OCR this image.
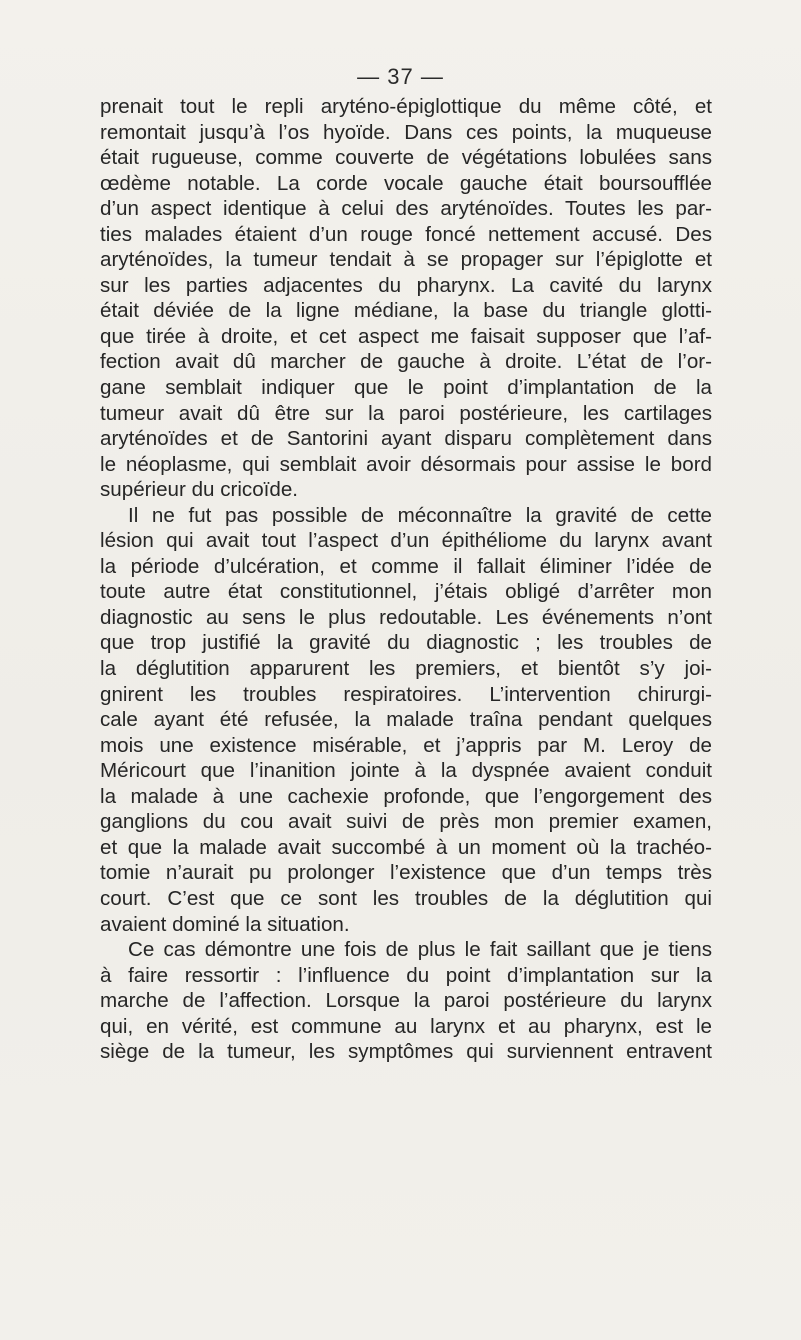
— 37 —
prenait tout le repli aryténo-épiglottique du même côté, et
remontait jusqu’à l’os hyoïde. Dans ces points, la muqueuse
était rugueuse, comme couverte de végétations lobulées sans
œdème notable. La corde vocale gauche était boursoufflée
d’un aspect identique à celui des aryténoïdes. Toutes les par-
ties malades étaient d’un rouge foncé nettement accusé. Des
aryténoïdes, la tumeur tendait à se propager sur l’épiglotte et
sur les parties adjacentes du pharynx. La cavité du larynx
était déviée de la ligne médiane, la base du triangle glotti-
que tirée à droite, et cet aspect me faisait supposer que l’af-
fection avait dû marcher de gauche à droite. L’état de l’or-
gane semblait indiquer que le point d’implantation de la
tumeur avait dû être sur la paroi postérieure, les cartilages
aryténoïdes et de Santorini ayant disparu complètement dans
le néoplasme, qui semblait avoir désormais pour assise le bord
supérieur du cricoïde.
Il ne fut pas possible de méconnaître la gravité de cette
lésion qui avait tout l’aspect d’un épithéliome du larynx avant
la période d’ulcération, et comme il fallait éliminer l’idée de
toute autre état constitutionnel, j’étais obligé d’arrêter mon
diagnostic au sens le plus redoutable. Les événements n’ont
que trop justifié la gravité du diagnostic ; les troubles de
la déglutition apparurent les premiers, et bientôt s’y joi-
gnirent les troubles respiratoires. L’intervention chirurgi-
cale ayant été refusée, la malade traîna pendant quelques
mois une existence misérable, et j’appris par M. Leroy de
Méricourt que l’inanition jointe à la dyspnée avaient conduit
la malade à une cachexie profonde, que l’engorgement des
ganglions du cou avait suivi de près mon premier examen,
et que la malade avait succombé à un moment où la trachéo-
tomie n’aurait pu prolonger l’existence que d’un temps très
court. C’est que ce sont les troubles de la déglutition qui
avaient dominé la situation.
Ce cas démontre une fois de plus le fait saillant que je tiens
à faire ressortir : l’influence du point d’implantation sur la
marche de l’affection. Lorsque la paroi postérieure du larynx
qui, en vérité, est commune au larynx et au pharynx, est le
siège de la tumeur, les symptômes qui surviennent entravent
